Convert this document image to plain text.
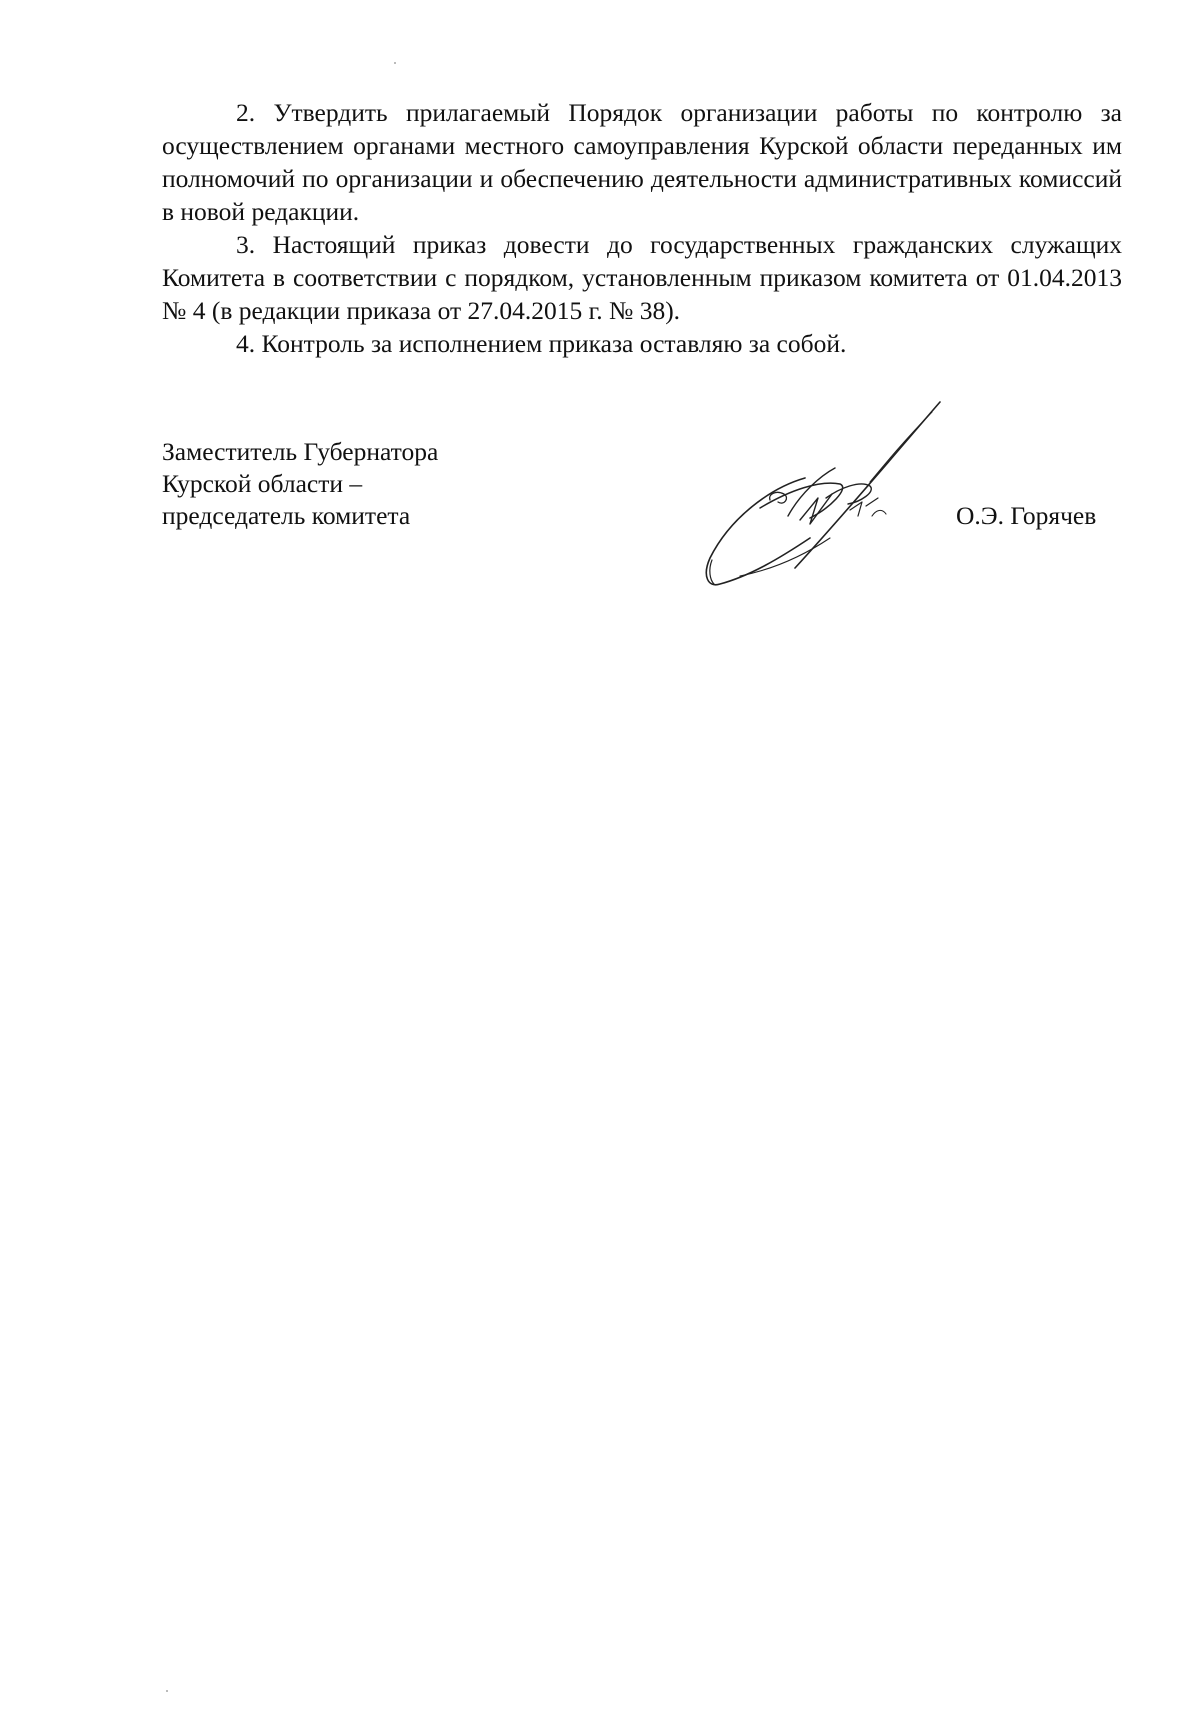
2. Утвердить прилагаемый Порядок организации работы по контролю за осуществлением органами местного самоуправления Курской области переданных им полномочий по организации и обеспечению деятельности административных комиссий в новой редакции.

3. Настоящий приказ довести до государственных гражданских служащих Комитета в соответствии с порядком, установленным приказом комитета от 01.04.2013 № 4 (в редакции приказа от 27.04.2015 г. № 38).

4. Контроль за исполнением приказа оставляю за собой.

Заместитель Губернатора
Курской области –
председатель комитета	О.Э. Горячев
